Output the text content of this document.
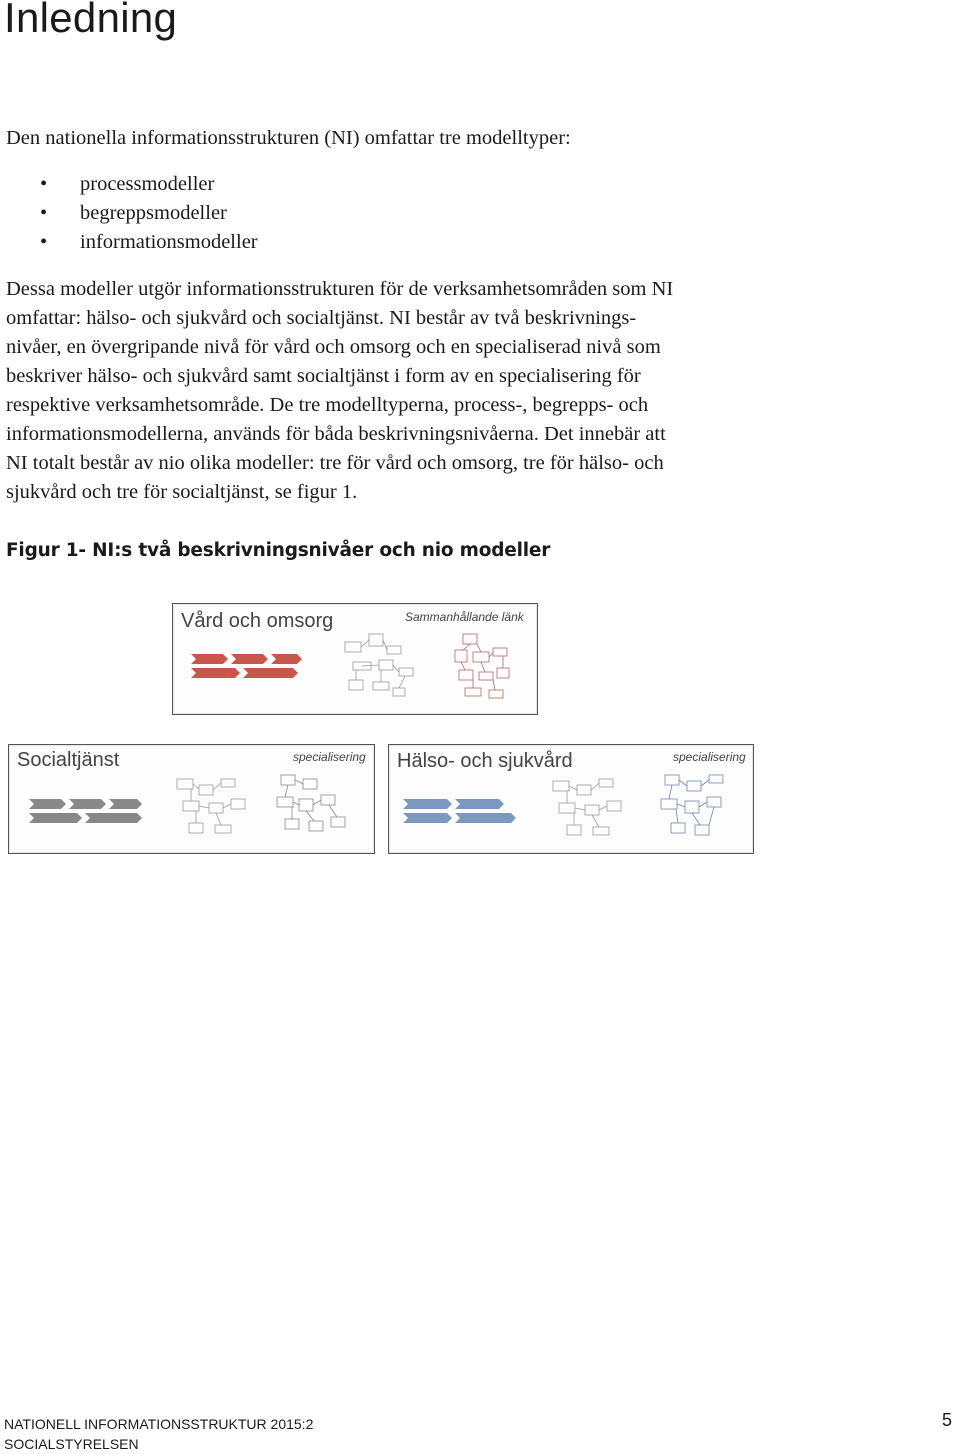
Inledning

Den nationella informationsstrukturen (NI) omfattar tre modelltyper:

• processmodeller
• begreppsmodeller
• informationsmodeller

Dessa modeller utgör informationsstrukturen för de verksamhetsområden som NI
omfattar: hälso- och sjukvård och socialtjänst. NI består av två beskrivnings-
nivåer, en övergripande nivå för vård och omsorg och en specialiserad nivå som
beskriver hälso- och sjukvård samt socialtjänst i form av en specialisering för
respektive verksamhetsområde. De tre modelltyperna, process-, begrepps- och
informationsmodellerna, används för båda beskrivningsnivåerna. Det innebär att
NI totalt består av nio olika modeller: tre för vård och omsorg, tre för hälso- och
sjukvård och tre för socialtjänst, se figur 1.

Figur 1- NI:s två beskrivningsnivåer och nio modeller

Vård och omsorg	Sammanhållande länk
Socialtjänst	specialisering Hälso- och sjukvård	specialisering
NATIONELL INFORMATIONSSTRUKTUR 2015:2
SOCIALSTYRELSEN
5
